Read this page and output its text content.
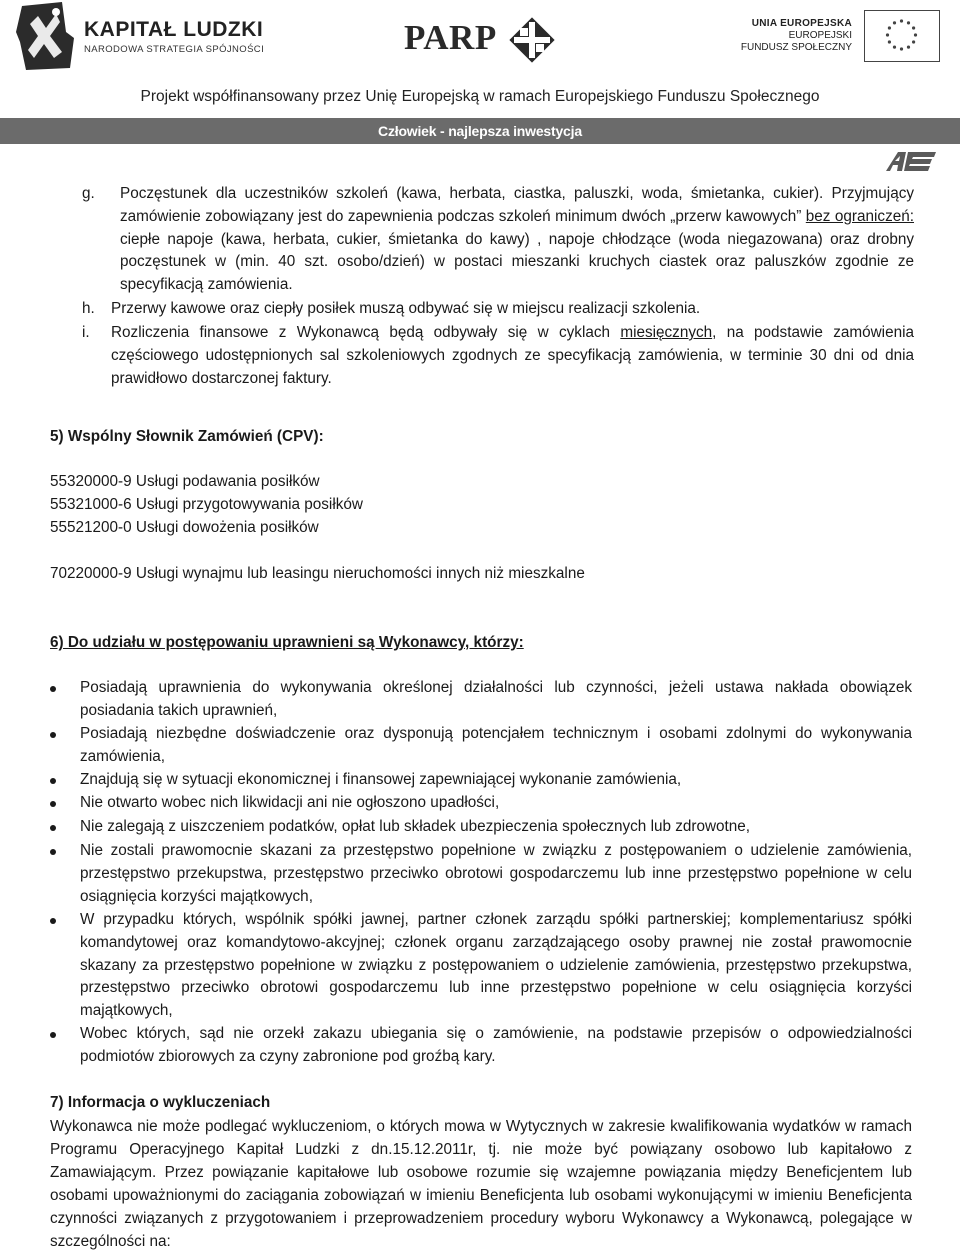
KAPITAŁ LUDZKI
NARODOWA STRATEGIA SPÓJNOŚCI	PARP	UNIA EUROPEJSKA
EUROPEJSKI
FUNDUSZ SPOŁECZNY
Projekt współfinansowany przez Unię Europejską w ramach Europejskiego Funduszu Społecznego
Człowiek - najlepsza inwestycja
g. Poczęstunek dla uczestników szkoleń (kawa, herbata, ciastka, paluszki, woda, śmietanka, cukier). Przyjmujący zamówienie zobowiązany jest do zapewnienia podczas szkoleń minimum dwóch „przerw kawowych” bez ograniczeń: ciepłe napoje (kawa, herbata, cukier, śmietanka do kawy) , napoje chłodzące (woda niegazowana) oraz drobny poczęstunek w (min. 40 szt. osobo/dzień) w postaci mieszanki kruchych ciastek oraz paluszków zgodnie ze specyfikacją zamówienia.
h. Przerwy kawowe oraz ciepły posiłek muszą odbywać się w miejscu realizacji szkolenia.
i. Rozliczenia finansowe z Wykonawcą będą odbywały się w cyklach miesięcznych, na podstawie zamówienia częściowego udostępnionych sal szkoleniowych zgodnych ze specyfikacją zamówienia, w terminie 30 dni od dnia prawidłowo dostarczonej faktury.
5) Wspólny Słownik Zamówień (CPV):
55320000-9 Usługi podawania posiłków
55321000-6 Usługi przygotowywania posiłków
55521200-0 Usługi dowożenia posiłków
70220000-9 Usługi wynajmu lub leasingu nieruchomości innych niż mieszkalne
6) Do udziału w postępowaniu uprawnieni są Wykonawcy, którzy:
Posiadają uprawnienia do wykonywania określonej działalności lub czynności, jeżeli ustawa nakłada obowiązek posiadania takich uprawnień,
Posiadają niezbędne doświadczenie oraz dysponują potencjałem technicznym i osobami zdolnymi do wykonywania zamówienia,
Znajdują się w sytuacji ekonomicznej i finansowej zapewniającej wykonanie zamówienia,
Nie otwarto wobec nich likwidacji ani nie ogłoszono upadłości,
Nie zalegają z uiszczeniem podatków, opłat lub składek ubezpieczenia społecznych lub zdrowotne,
Nie zostali prawomocnie skazani za przestępstwo popełnione w związku z postępowaniem o udzielenie zamówienia, przestępstwo przekupstwa, przestępstwo przeciwko obrotowi gospodarczemu lub inne przestępstwo popełnione w celu osiągnięcia korzyści majątkowych,
W przypadku których, wspólnik spółki jawnej, partner członek zarządu spółki partnerskiej; komplementariusz spółki komandytowej oraz komandytowo-akcyjnej; członek organu zarządzającego osoby prawnej nie został prawomocnie skazany za przestępstwo popełnione w związku z postępowaniem o udzielenie zamówienia, przestępstwo przekupstwa, przestępstwo przeciwko obrotowi gospodarczemu lub inne przestępstwo popełnione w celu osiągnięcia korzyści majątkowych,
Wobec których, sąd nie orzekł zakazu ubiegania się o zamówienie, na podstawie przepisów o odpowiedzialności podmiotów zbiorowych za czyny zabronione pod groźbą kary.
7) Informacja o wykluczeniach
Wykonawca nie może podlegać wykluczeniom, o których mowa w Wytycznych w zakresie kwalifikowania wydatków w ramach Programu Operacyjnego Kapitał Ludzki z dn.15.12.2011r, tj. nie może być powiązany osobowo lub kapitałowo z Zamawiającym. Przez powiązanie kapitałowe lub osobowe rozumie się wzajemne powiązania między Beneficjentem lub osobami upoważnionymi do zaciągania zobowiązań w imieniu Beneficjenta lub osobami wykonującymi w imieniu Beneficjenta czynności związanych z przygotowaniem i przeprowadzeniem procedury wyboru Wykonawcy a Wykonawcą, polegające w szczególności na:
